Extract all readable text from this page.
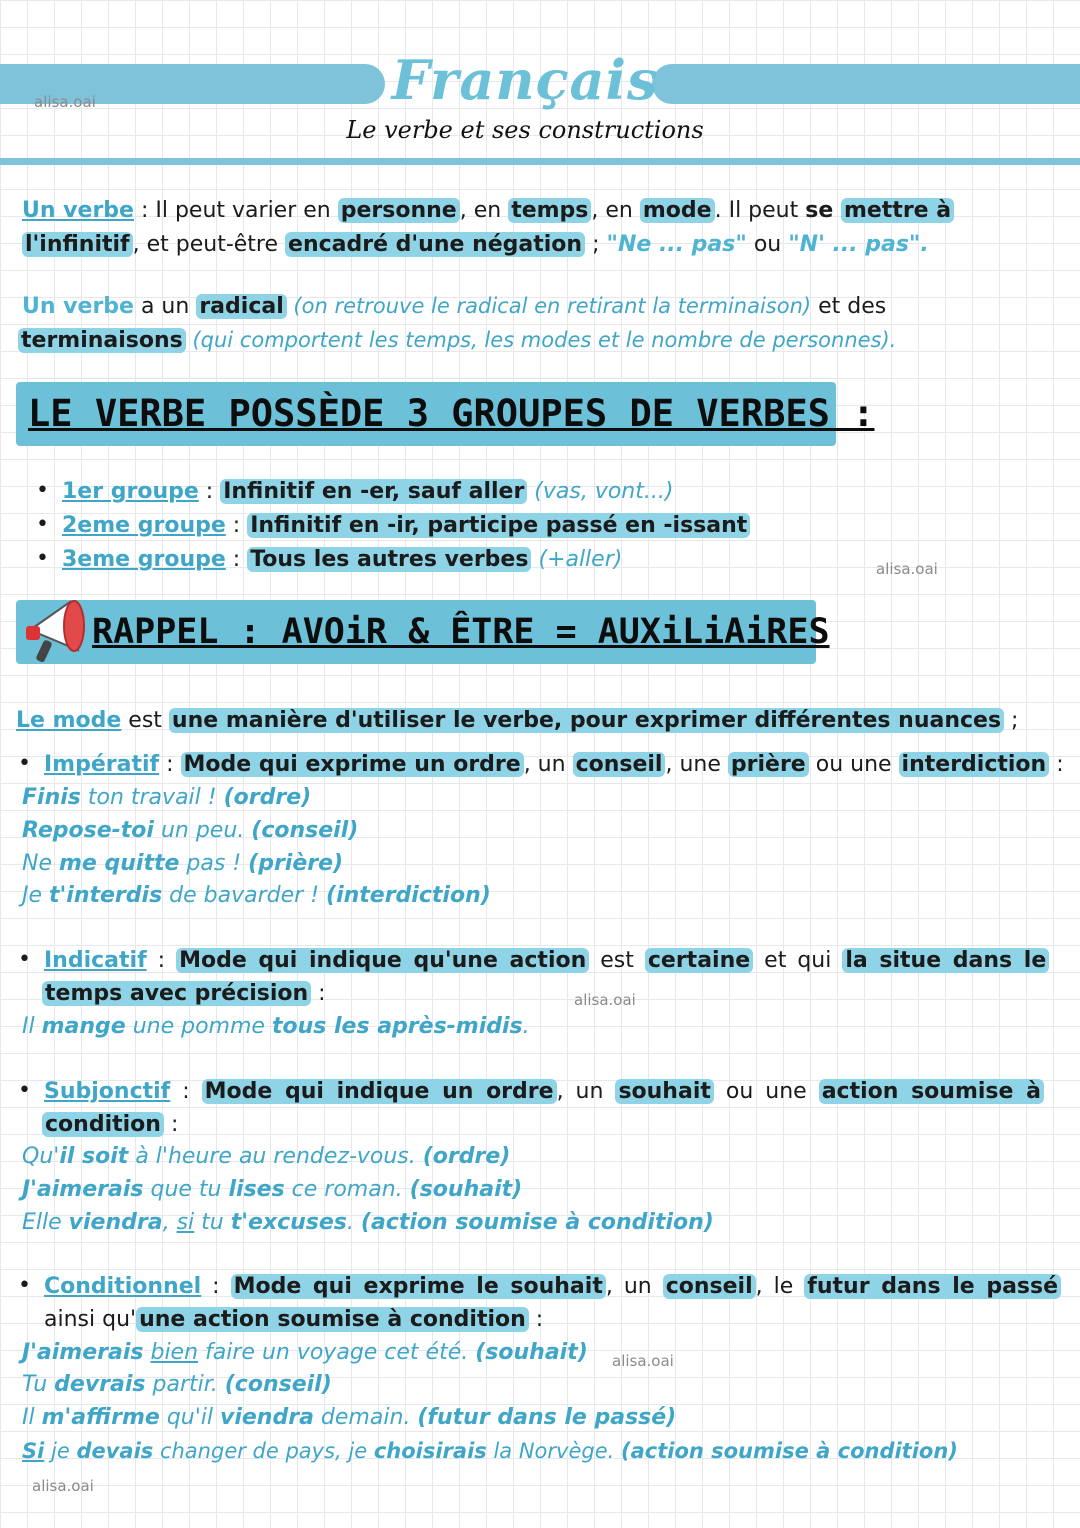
Français
Le verbe et ses constructions
alisa.oai
alisa.oai
alisa.oai
alisa.oai
alisa.oai
Un verbe : Il peut varier en personne , en temps , en mode . Il peut se mettre à
l'infinitif , et peut-être encadré d'une négation ; "Ne ... pas" ou "N' ... pas".
Un verbe a un radical (on retrouve le radical en retirant la terminaison) et des
terminaisons (qui comportent les temps, les modes et le nombre de personnes).
LE VERBE POSSÈDE 3 GROUPES DE VERBES :
• 1er groupe : Infinitif en -er, sauf aller (vas, vont...)
• 2eme groupe : Infinitif en -ir, participe passé en -issant
• 3eme groupe : Tous les autres verbes (+aller)
RAPPEL : AVOiR & ÊTRE = AUXiLiAiRES
Le mode est une manière d'utiliser le verbe, pour exprimer différentes nuances ;
• Impératif : Mode qui exprime un ordre , un conseil , une prière ou une interdiction :
Finis ton travail ! (ordre)
Repose-toi un peu. (conseil)
Ne me quitte pas ! (prière)
Je t'interdis de bavarder ! (interdiction)
• Indicatif : Mode qui indique qu'une action est certaine et qui la situe dans le
temps avec précision :
Il mange une pomme tous les après-midis.
• Subjonctif : Mode qui indique un ordre , un souhait ou une action soumise à
condition :
Qu'il soit à l'heure au rendez-vous. (ordre)
J'aimerais que tu lises ce roman. (souhait)
Elle viendra, si tu t'excuses. (action soumise à condition)
• Conditionnel : Mode qui exprime le souhait , un conseil , le futur dans le passé
ainsi qu' une action soumise à condition :
J'aimerais bien faire un voyage cet été. (souhait)
Tu devrais partir. (conseil)
Il m'affirme qu'il viendra demain. (futur dans le passé)
Si je devais changer de pays, je choisirais la Norvège. (action soumise à condition)
